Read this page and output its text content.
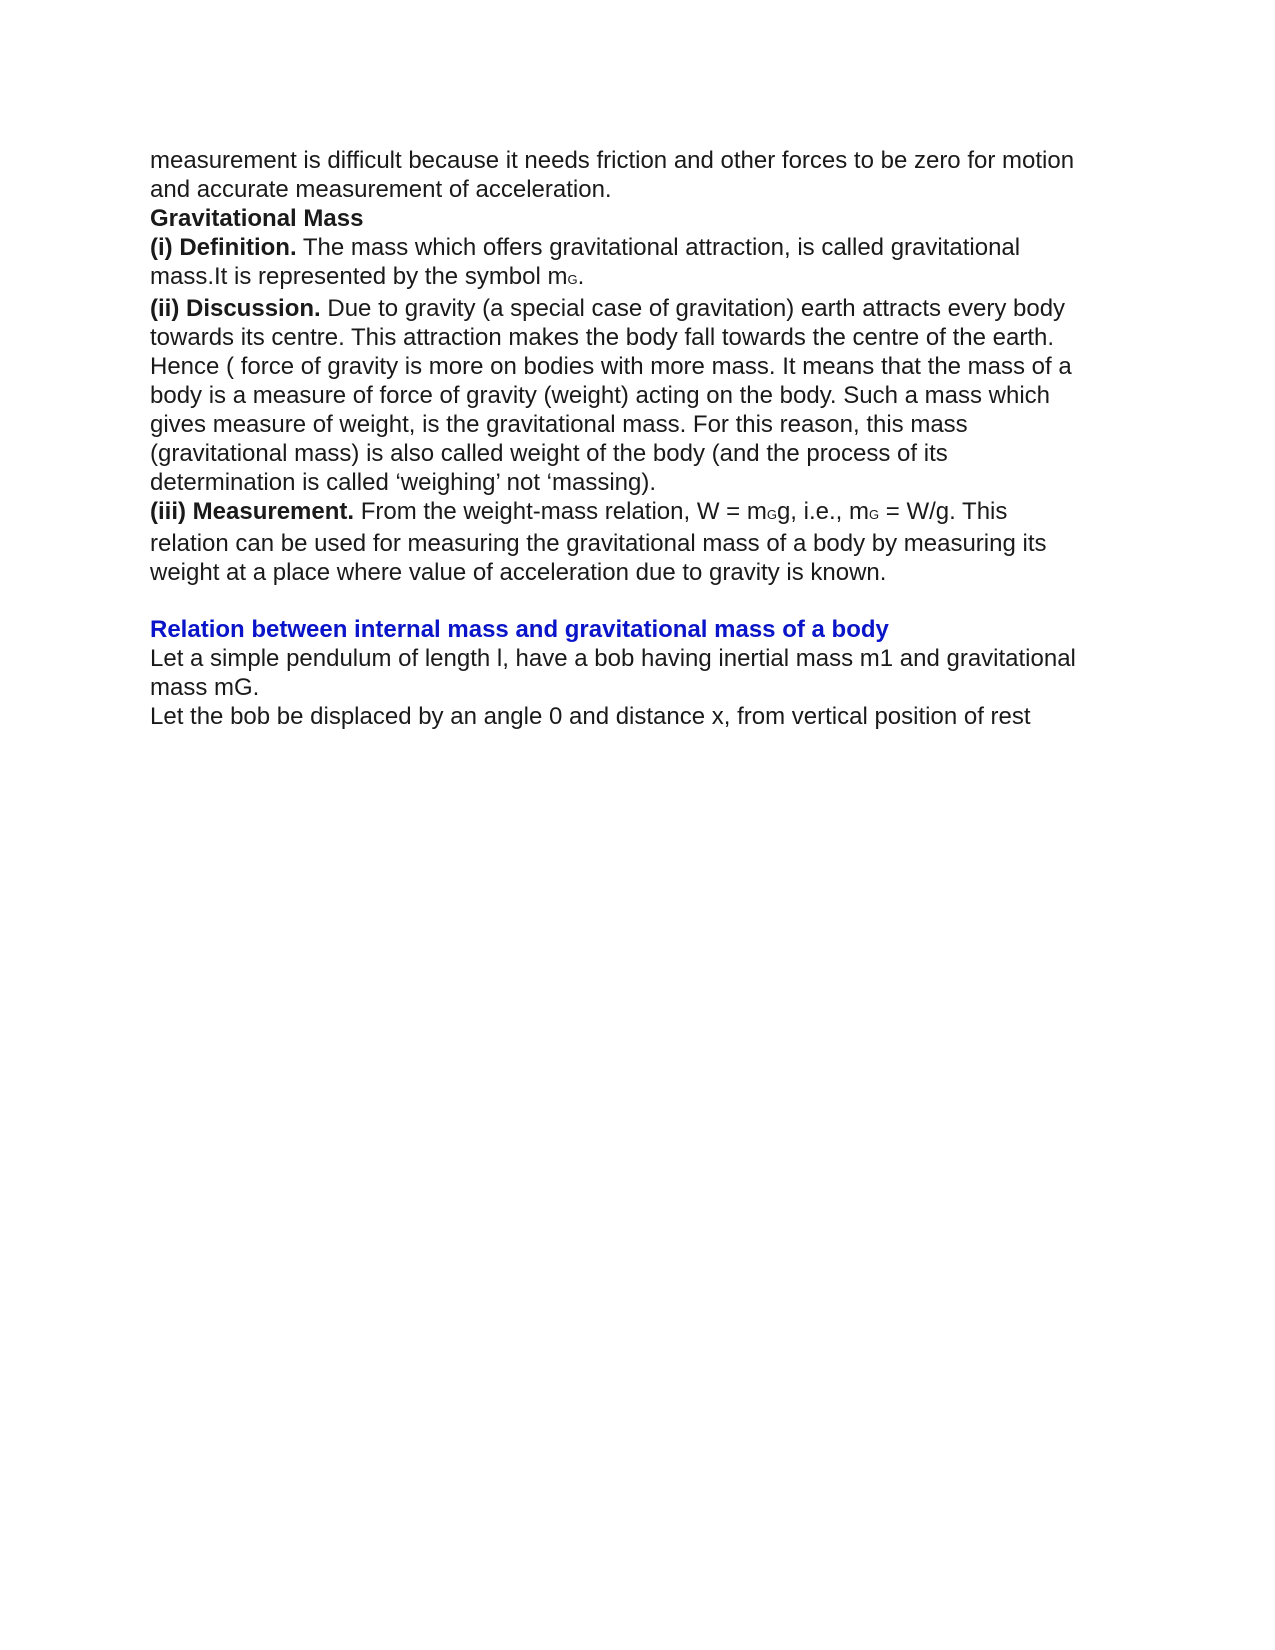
measurement is difficult because it needs friction and other forces to be zero for motion
and accurate measurement of acceleration.
Gravitational Mass
(i) Definition. The mass which offers gravitational attraction, is called gravitational
mass.It is represented by the symbol mG.
(ii) Discussion. Due to gravity (a special case of gravitation) earth attracts every body
towards its centre. This attraction makes the body fall towards the centre of the earth.
Hence ( force of gravity is more on bodies with more mass. It means that the mass of a
body is a measure of force of gravity (weight) acting on the body. Such a mass which
gives measure of weight, is the gravitational mass. For this reason, this mass
(gravitational mass) is also called weight of the body (and the process of its
determination is called ‘weighing’ not ‘massing).
(iii) Measurement. From the weight-mass relation, W = mGg, i.e., mG = W/g. This
relation can be used for measuring the gravitational mass of a body by measuring its
weight at a place where value of acceleration due to gravity is known.
Relation between internal mass and gravitational mass of a body
Let a simple pendulum of length l, have a bob having inertial mass m1 and gravitational
mass mG.
Let the bob be displaced by an angle 0 and distance x, from vertical position of rest
